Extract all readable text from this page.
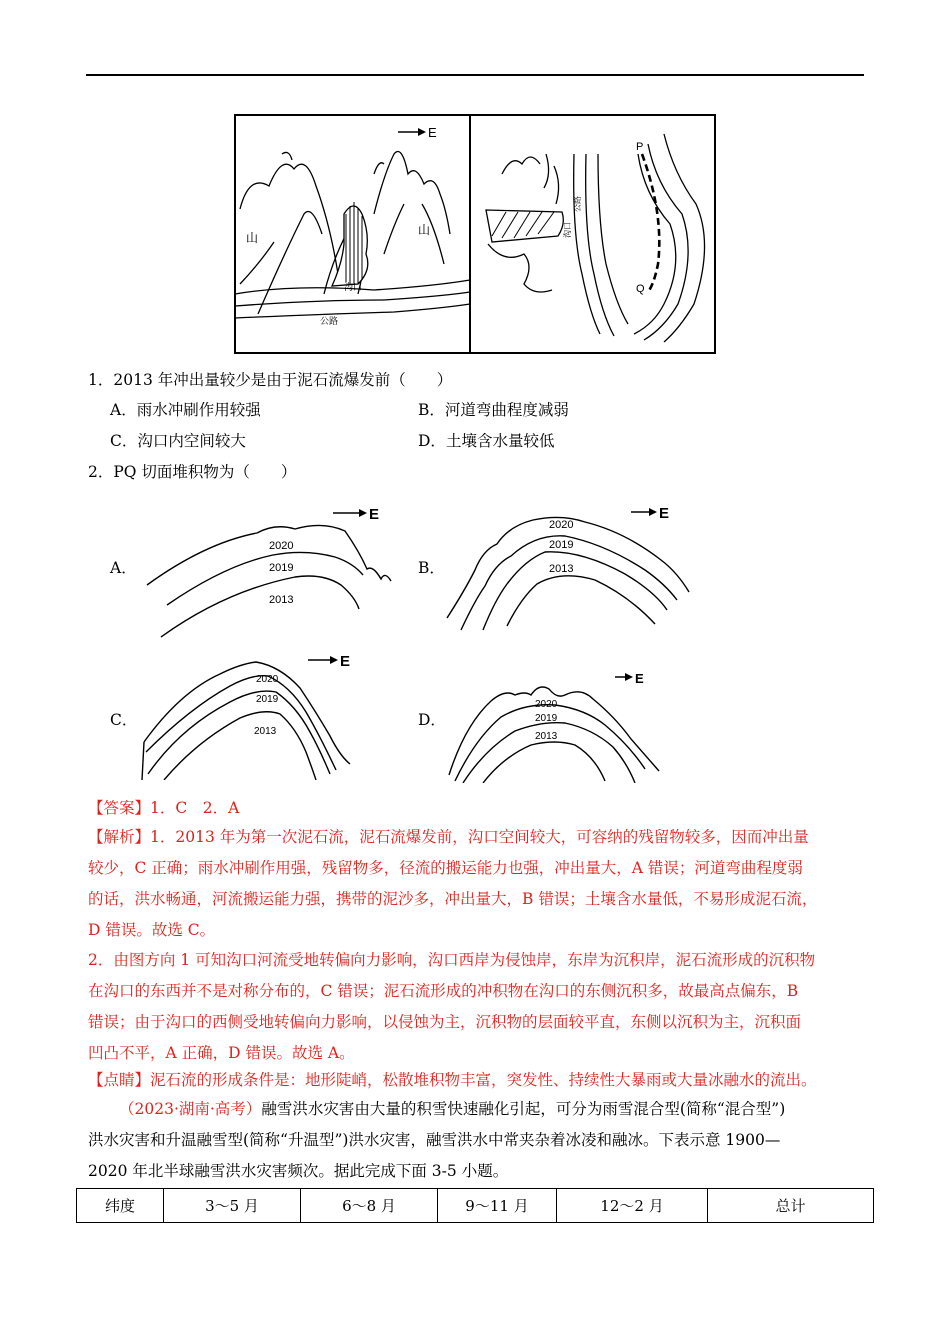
E
山
山
沟口
公路
P
Q
公路
沟口
1．2013 年冲出量较少是由于泥石流爆发前（　　）
A．雨水冲刷作用较强	B．河道弯曲程度减弱
C．沟口内空间较大	D．土壤含水量较低
2．PQ 切面堆积物为（　　）
A．
E
2020
2019
2013
B．
E
2020
2019
2013
C．
E
2020
2019
2013
D．
E
2020
2019
2013
【答案】1．C　2．A
【解析】1．2013 年为第一次泥石流，泥石流爆发前，沟口空间较大，可容纳的残留物较多，因而冲出量
较少，C 正确；雨水冲刷作用强，残留物多，径流的搬运能力也强，冲出量大，A 错误；河道弯曲程度弱
的话，洪水畅通，河流搬运能力强，携带的泥沙多，冲出量大，B 错误；土壤含水量低，不易形成泥石流，
D 错误。故选 C。
2．由图方向 1 可知沟口河流受地转偏向力影响，沟口西岸为侵蚀岸，东岸为沉积岸，泥石流形成的沉积物
在沟口的东西并不是对称分布的，C 错误；泥石流形成的冲积物在沟口的东侧沉积多，故最高点偏东，B
错误；由于沟口的西侧受地转偏向力影响，以侵蚀为主，沉积物的层面较平直，东侧以沉积为主，沉积面
凹凸不平，A 正确，D 错误。故选 A。
【点睛】泥石流的形成条件是：地形陡峭，松散堆积物丰富，突发性、持续性大暴雨或大量冰融水的流出。
（2023·湖南·高考）融雪洪水灾害由大量的积雪快速融化引起，可分为雨雪混合型(简称“混合型”)
洪水灾害和升温融雪型(简称“升温型”)洪水灾害，融雪洪水中常夹杂着冰凌和融冰。下表示意 1900—
2020 年北半球融雪洪水灾害频次。据此完成下面 3-5 小题。
纬度	3～5 月	6～8 月	9～11 月	12～2 月	总计
